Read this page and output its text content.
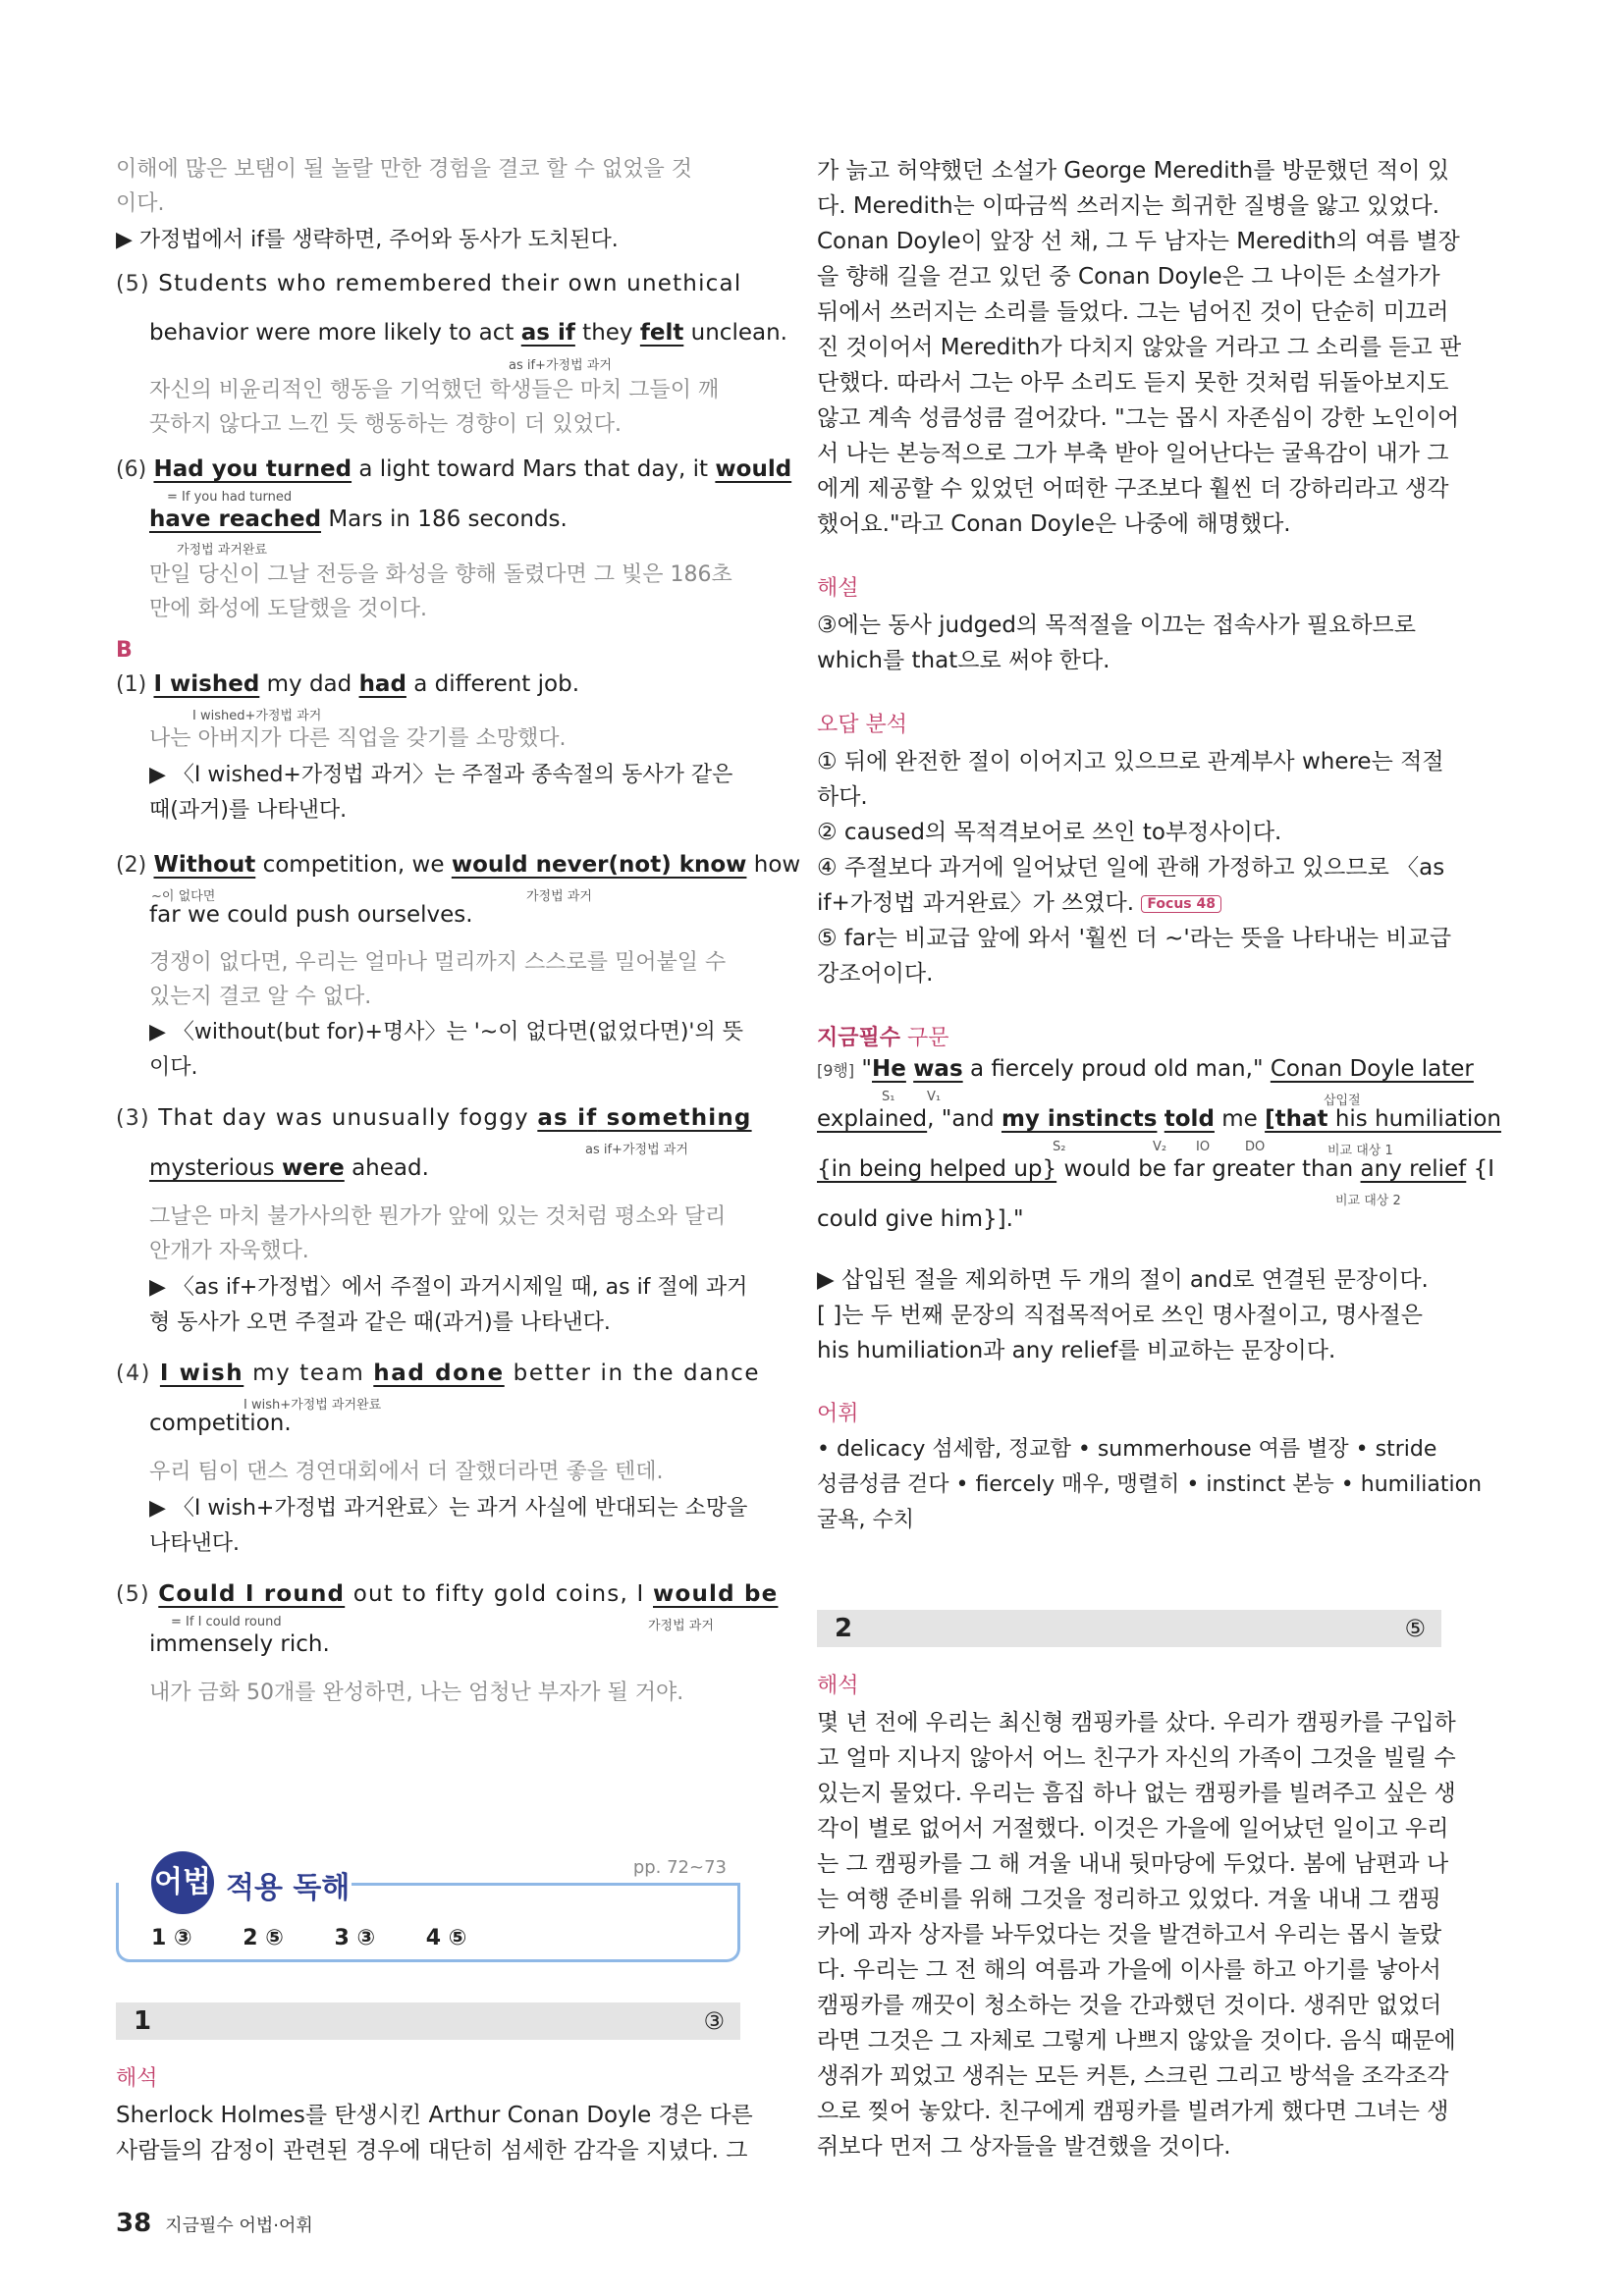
이해에 많은 보탬이 될 놀랄 만한 경험을 결코 할 수 없었을 것
이다.
▶ 가정법에서 if를 생략하면, 주어와 동사가 도치된다.
(5) Students who remembered their own unethical
behavior were more likely to act as if they felt unclean.
as if+가정법 과거
자신의 비윤리적인 행동을 기억했던 학생들은 마치 그들이 깨
끗하지 않다고 느낀 듯 행동하는 경향이 더 있었다.
(6) Had you turned a light toward Mars that day, it would
= If you had turned
have reached Mars in 186 seconds.
가정법 과거완료
만일 당신이 그날 전등을 화성을 향해 돌렸다면 그 빛은 186초
만에 화성에 도달했을 것이다.
B
(1) I wished my dad had a different job.
I wished+가정법 과거
나는 아버지가 다른 직업을 갖기를 소망했다.
▶ 〈I wished+가정법 과거〉는 주절과 종속절의 동사가 같은
때(과거)를 나타낸다.
(2) Without competition, we would never(not) know how
~이 없다면	가정법 과거
far we could push ourselves.
경쟁이 없다면, 우리는 얼마나 멀리까지 스스로를 밀어붙일 수
있는지 결코 알 수 없다.
▶ 〈without(but for)+명사〉는 '~이 없다면(없었다면)'의 뜻
이다.
(3) That day was unusually foggy as if something
as if+가정법 과거
mysterious were ahead.
그날은 마치 불가사의한 뭔가가 앞에 있는 것처럼 평소와 달리
안개가 자욱했다.
▶ 〈as if+가정법〉에서 주절이 과거시제일 때, as if 절에 과거
형 동사가 오면 주절과 같은 때(과거)를 나타낸다.
(4) I wish my team had done better in the dance
I wish+가정법 과거완료
competition.
우리 팀이 댄스 경연대회에서 더 잘했더라면 좋을 텐데.
▶ 〈I wish+가정법 과거완료〉는 과거 사실에 반대되는 소망을
나타낸다.
(5) Could I round out to fifty gold coins, I would be
= If I could round	가정법 과거
immensely rich.
내가 금화 50개를 완성하면, 나는 엄청난 부자가 될 거야.
1	③
해석
Sherlock Holmes를 탄생시킨 Arthur Conan Doyle 경은 다른
사람들의 감정이 관련된 경우에 대단히 섬세한 감각을 지녔다. 그
어법 적용 독해
pp. 72~73
1 ③ 2 ⑤ 3 ③ 4 ⑤
가 늙고 허약했던 소설가 George Meredith를 방문했던 적이 있
다. Meredith는 이따금씩 쓰러지는 희귀한 질병을 앓고 있었다.
Conan Doyle이 앞장 선 채, 그 두 남자는 Meredith의 여름 별장
을 향해 길을 걷고 있던 중 Conan Doyle은 그 나이든 소설가가
뒤에서 쓰러지는 소리를 들었다. 그는 넘어진 것이 단순히 미끄러
진 것이어서 Meredith가 다치지 않았을 거라고 그 소리를 듣고 판
단했다. 따라서 그는 아무 소리도 듣지 못한 것처럼 뒤돌아보지도
않고 계속 성큼성큼 걸어갔다. "그는 몹시 자존심이 강한 노인이어
서 나는 본능적으로 그가 부축 받아 일어난다는 굴욕감이 내가 그
에게 제공할 수 있었던 어떠한 구조보다 훨씬 더 강하리라고 생각
했어요."라고 Conan Doyle은 나중에 해명했다.
해설
③에는 동사 judged의 목적절을 이끄는 접속사가 필요하므로
which를 that으로 써야 한다.
오답 분석
① 뒤에 완전한 절이 이어지고 있으므로 관계부사 where는 적절
하다.
② caused의 목적격보어로 쓰인 to부정사이다.
④ 주절보다 과거에 일어났던 일에 관해 가정하고 있으므로 〈as
if+가정법 과거완료〉가 쓰였다. Focus 48
⑤ far는 비교급 앞에 와서 '훨씬 더 ~'라는 뜻을 나타내는 비교급
강조어이다.
지금필수 구문
[9행] "He was a fiercely proud old man," Conan Doyle later
S₁	V₁	삽입절
explained, "and my instincts told me [that his humiliation
S₂	V₂ IO	DO	비교 대상 1
{in being helped up} would be far greater than any relief {I
비교 대상 2
could give him}]."
▶ 삽입된 절을 제외하면 두 개의 절이 and로 연결된 문장이다.
[ ]는 두 번째 문장의 직접목적어로 쓰인 명사절이고, 명사절은
his humiliation과 any relief를 비교하는 문장이다.
어휘
• delicacy 섬세함, 정교함 • summerhouse 여름 별장 • stride
성큼성큼 걷다 • fiercely 매우, 맹렬히 • instinct 본능 • humiliation
굴욕, 수치
2	⑤
해석
몇 년 전에 우리는 최신형 캠핑카를 샀다. 우리가 캠핑카를 구입하
고 얼마 지나지 않아서 어느 친구가 자신의 가족이 그것을 빌릴 수
있는지 물었다. 우리는 흠집 하나 없는 캠핑카를 빌려주고 싶은 생
각이 별로 없어서 거절했다. 이것은 가을에 일어났던 일이고 우리
는 그 캠핑카를 그 해 겨울 내내 뒷마당에 두었다. 봄에 남편과 나
는 여행 준비를 위해 그것을 정리하고 있었다. 겨울 내내 그 캠핑
카에 과자 상자를 놔두었다는 것을 발견하고서 우리는 몹시 놀랐
다. 우리는 그 전 해의 여름과 가을에 이사를 하고 아기를 낳아서
캠핑카를 깨끗이 청소하는 것을 간과했던 것이다. 생쥐만 없었더
라면 그것은 그 자체로 그렇게 나쁘지 않았을 것이다. 음식 때문에
생쥐가 꾀었고 생쥐는 모든 커튼, 스크린 그리고 방석을 조각조각
으로 찢어 놓았다. 친구에게 캠핑카를 빌려가게 했다면 그녀는 생
쥐보다 먼저 그 상자들을 발견했을 것이다.
38 지금필수 어법·어휘
